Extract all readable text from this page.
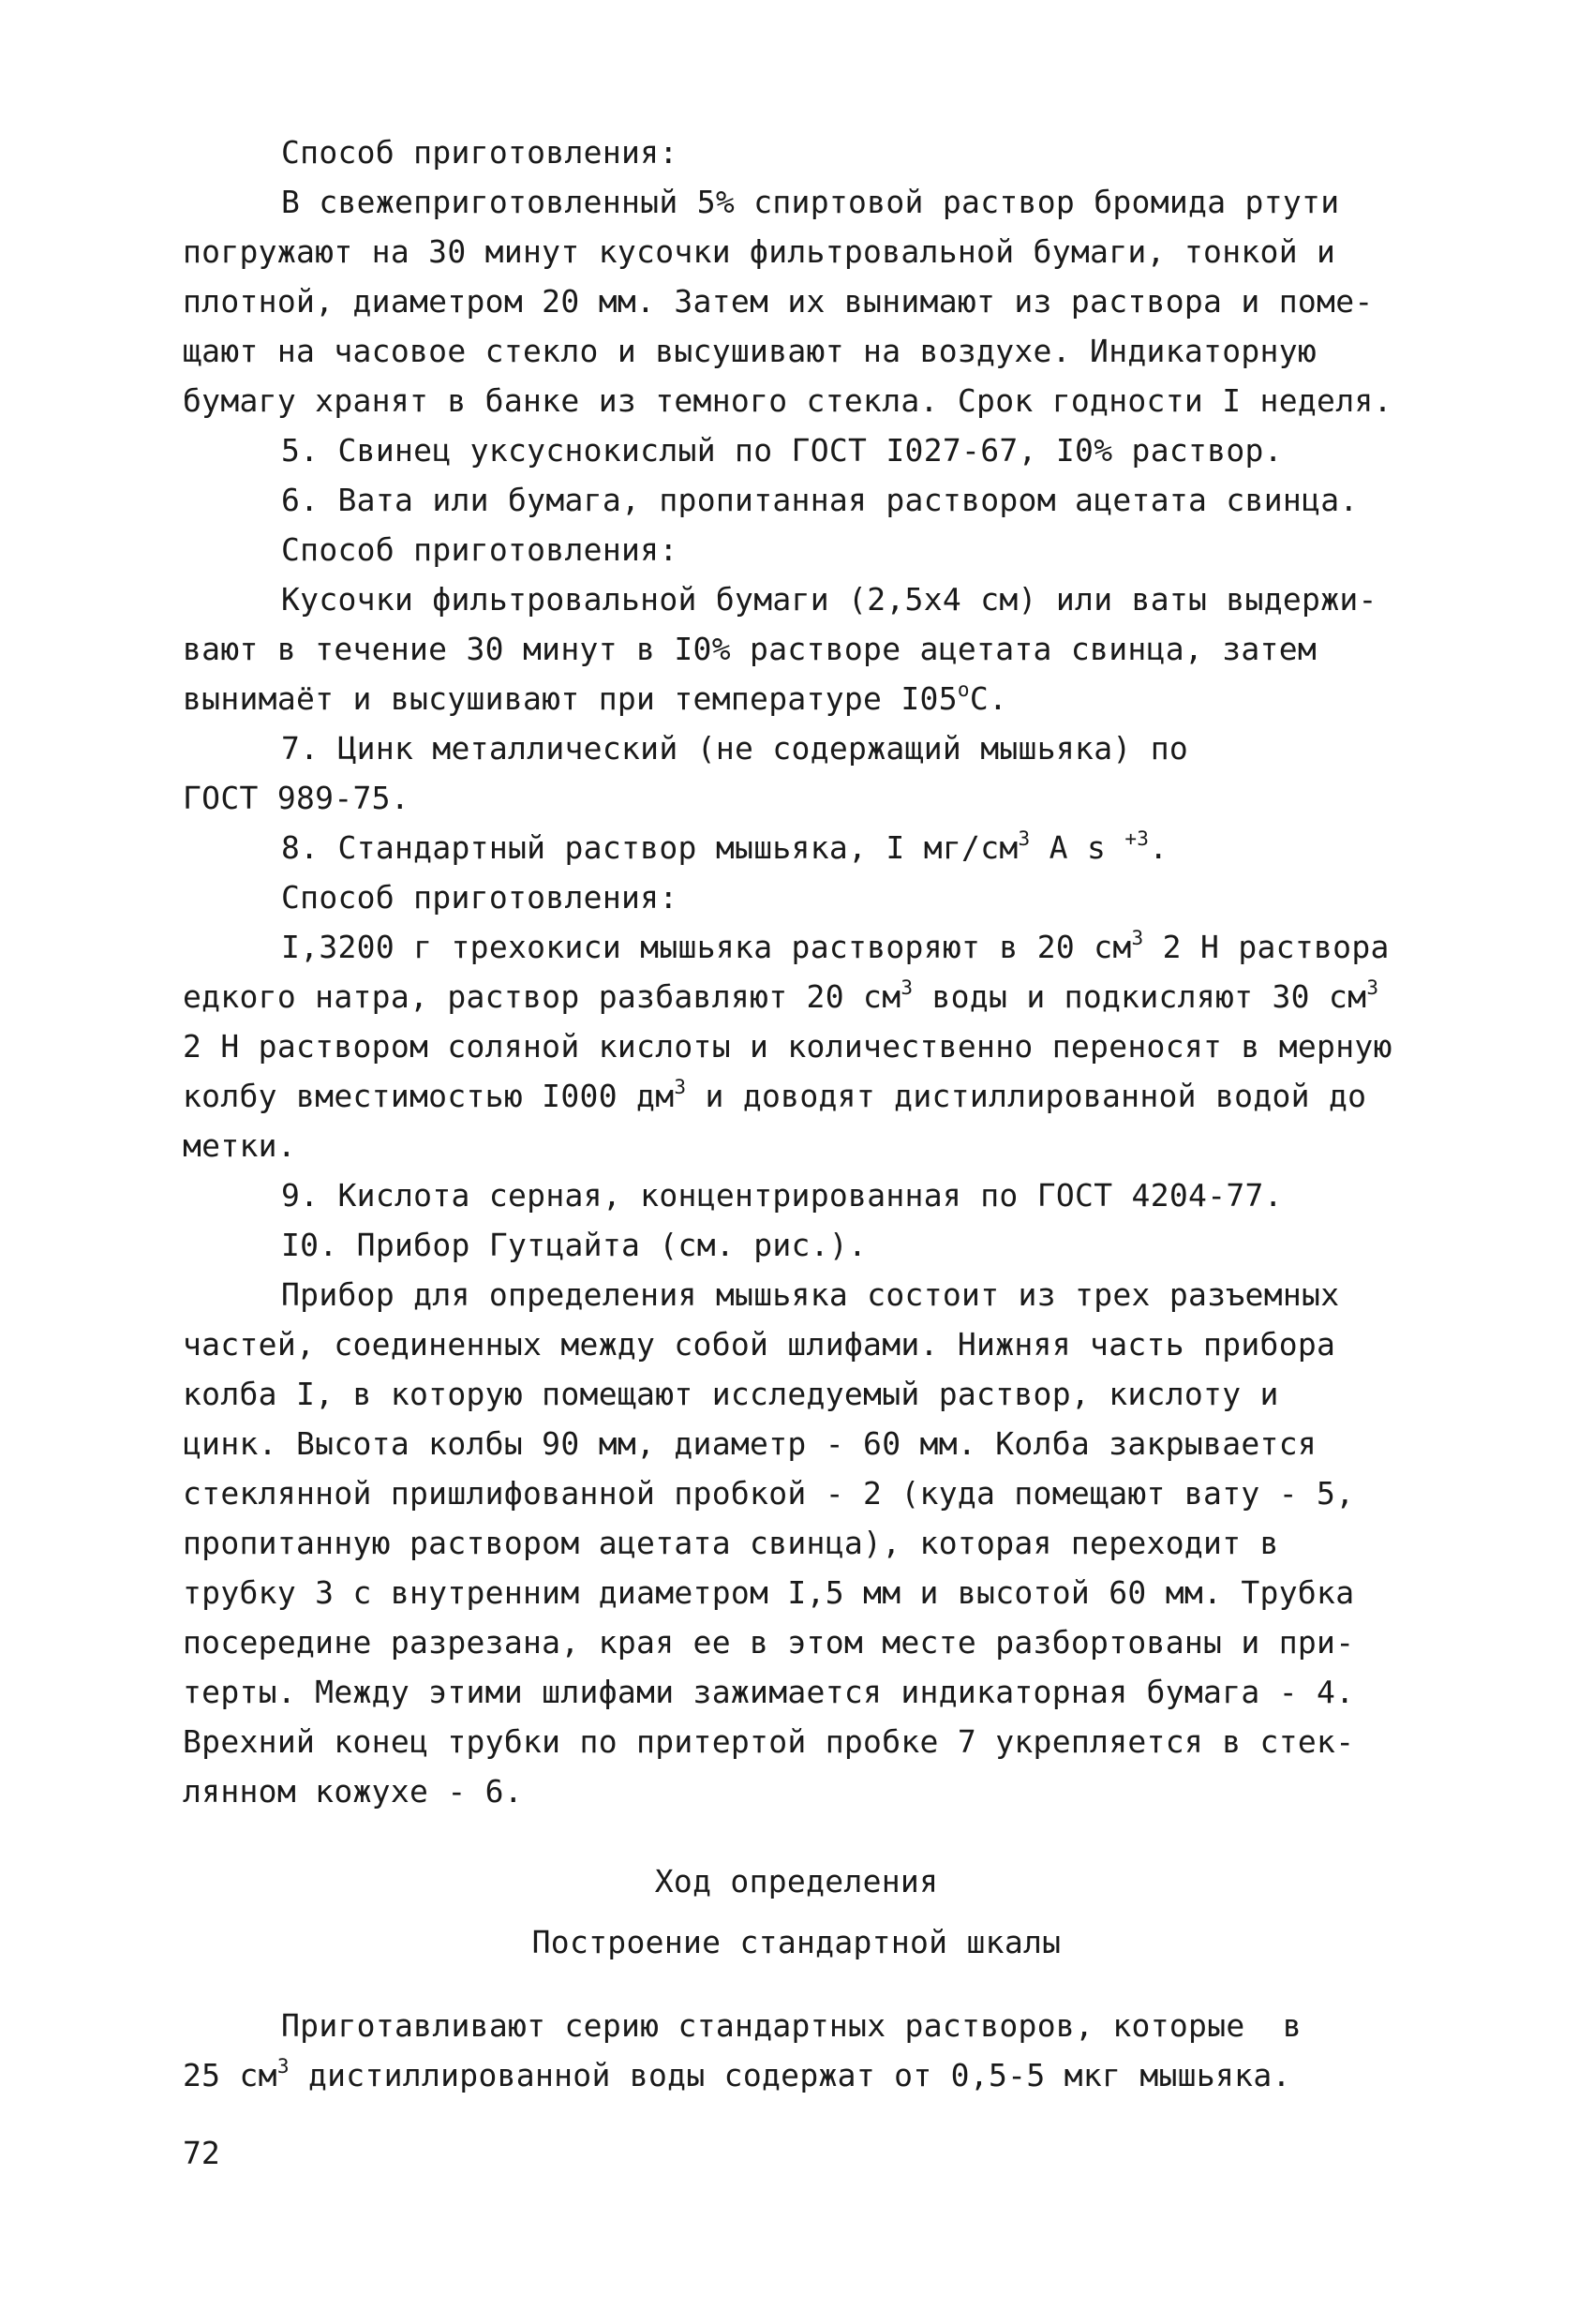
Способ приготовления:

В свежеприготовленный 5% спиртовой раствор бромида ртути

погружают на 30 минут кусочки фильтровальной бумаги, тонкой и

плотной, диаметром 20 мм. Затем их вынимают из раствора и поме-

щают на часовое стекло и высушивают на воздухе. Индикаторную

бумагу хранят в банке из темного стекла. Срок годности I неделя.

5. Свинец уксуснокислый по ГОСТ I027-67, I0% раствор.

6. Вата или бумага, пропитанная раствором ацетата свинца.

Способ приготовления:

Кусочки фильтровальной бумаги (2,5х4 см) или ваты выдержи-

вают в течение 30 минут в I0% растворе ацетата свинца, затем

вынимаёт и высушивают при температуре $I05^оС$.

7. Цинк металлический (не содержащий мышьяка) по

ГОСТ 989-75.

8. Стандартный раствор мышьяка, I $мг/см^3$ A s $^{+3}$.

Способ приготовления:

I,3200 г трехокиси мышьяка растворяют в 20 $см^3$ 2 Н раствора

едкого натра, раствор разбавляют 20 $см^3$ воды и подкисляют 30 $см^3$

2 Н раствором соляной кислоты и количественно переносят в мерную

колбу вместимостью I000 $дм^3$ и доводят дистиллированной водой до

метки.

9. Кислота серная, концентрированная по ГОСТ 4204-77.

I0. Прибор Гутцайта (см. рис.).

Прибор для определения мышьяка состоит из трех разъемных

частей, соединенных между собой шлифами. Нижняя часть прибора

колба I, в которую помещают исследуемый раствор, кислоту и

цинк. Высота колбы 90 мм, диаметр - 60 мм. Колба закрывается

стеклянной пришлифованной пробкой - 2 (куда помещают вату - 5,

пропитанную раствором ацетата свинца), которая переходит в

трубку 3 с внутренним диаметром I,5 мм и высотой 60 мм. Трубка

посередине разрезана, края ее в этом месте разбортованы и при-

терты. Между этими шлифами зажимается индикаторная бумага - 4.

Врехний конец трубки по притертой пробке 7 укрепляется в стек-

лянном кожухе - 6.

Ход определения

Построение стандартной шкалы

Приготавливают серию стандартных растворов, которые  в

25 $см^3$ дистиллированной воды содержат от 0,5-5 мкг мышьяка.

72
